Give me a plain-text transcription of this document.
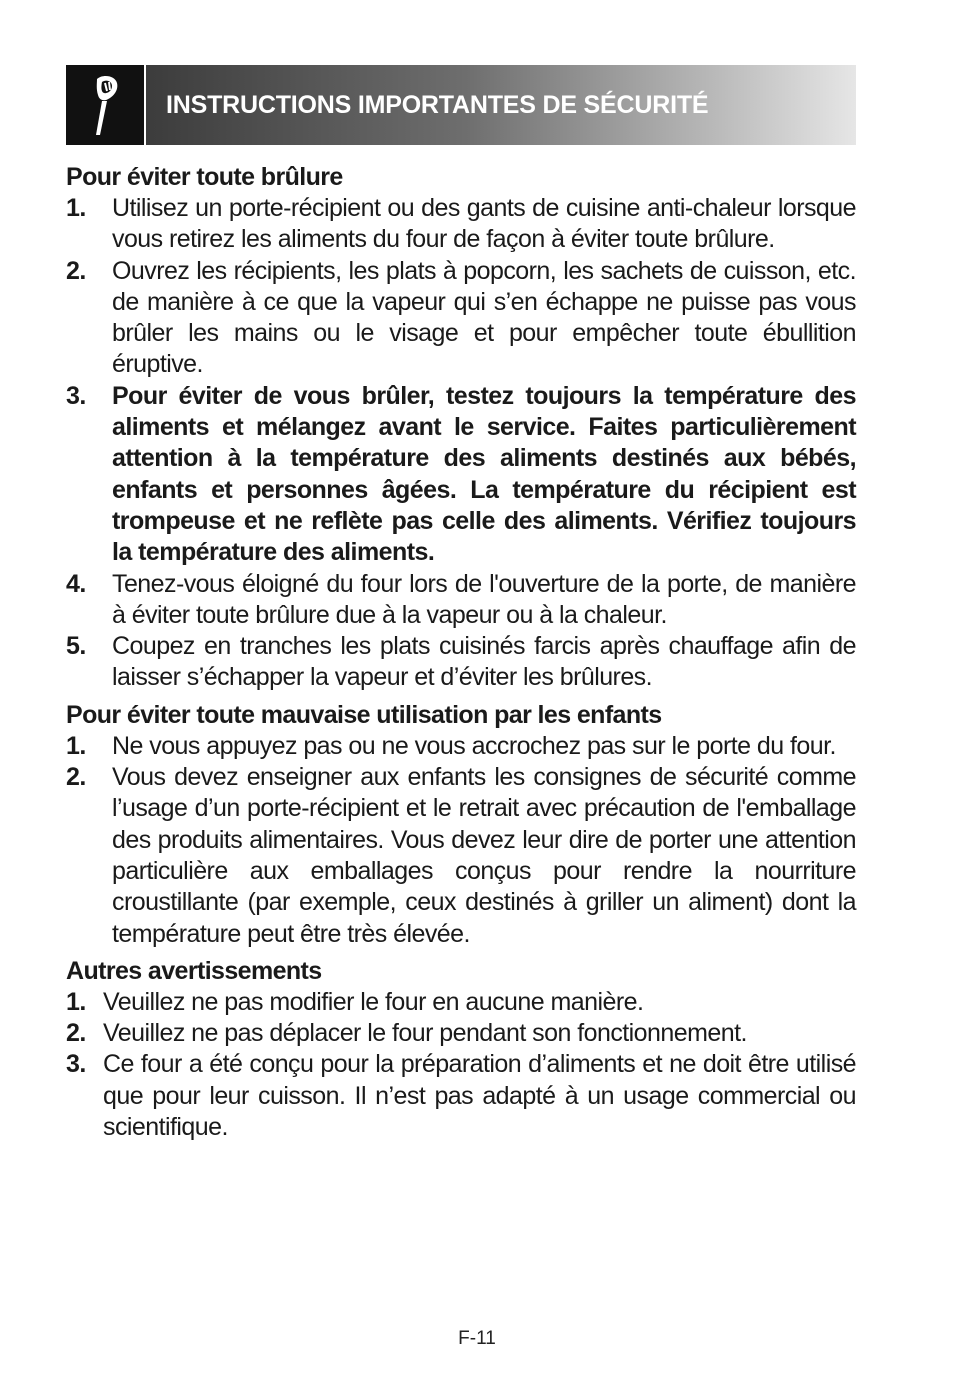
INSTRUCTIONS IMPORTANTES DE SÉCURITÉ
Pour éviter toute brûlure
1. Utilisez un porte-récipient ou des gants de cuisine anti-chaleur lorsque vous retirez les aliments du four de façon à éviter toute brûlure.
2. Ouvrez les récipients, les plats à popcorn, les sachets de cuisson, etc. de manière à ce que la vapeur qui s’en échappe ne puisse pas vous brûler les mains ou le visage et pour empêcher toute ébullition éruptive.
3. Pour éviter de vous brûler, testez toujours la température des aliments et mélangez avant le service. Faites particulièrement attention à la température des aliments destinés aux bébés, enfants et personnes âgées. La température du récipient est trompeuse et ne reflète pas celle des aliments. Vérifiez toujours la température des aliments.
4. Tenez-vous éloigné du four lors de l'ouverture de la porte, de manière à éviter toute brûlure due à la vapeur ou à la chaleur.
5. Coupez en tranches les plats cuisinés farcis après chauffage afin de laisser s’échapper la vapeur et d’éviter les brûlures.
Pour éviter toute mauvaise utilisation par les enfants
1. Ne vous appuyez pas ou ne vous accrochez pas sur le porte du four.
2. Vous devez enseigner aux enfants les consignes de sécurité comme l’usage d’un porte-récipient et le retrait avec précaution de l'emballage des produits alimentaires. Vous devez leur dire de porter une attention particulière aux emballages conçus pour rendre la nourriture croustillante (par exemple, ceux destinés à griller un aliment) dont la température peut être très élevée.
Autres avertissements
1. Veuillez ne pas modifier le four en aucune manière.
2. Veuillez ne pas déplacer le four pendant son fonctionnement.
3. Ce four a été conçu pour la préparation d’aliments et ne doit être utilisé que pour leur cuisson. Il n’est pas adapté à un usage commercial ou scientifique.
F-11
